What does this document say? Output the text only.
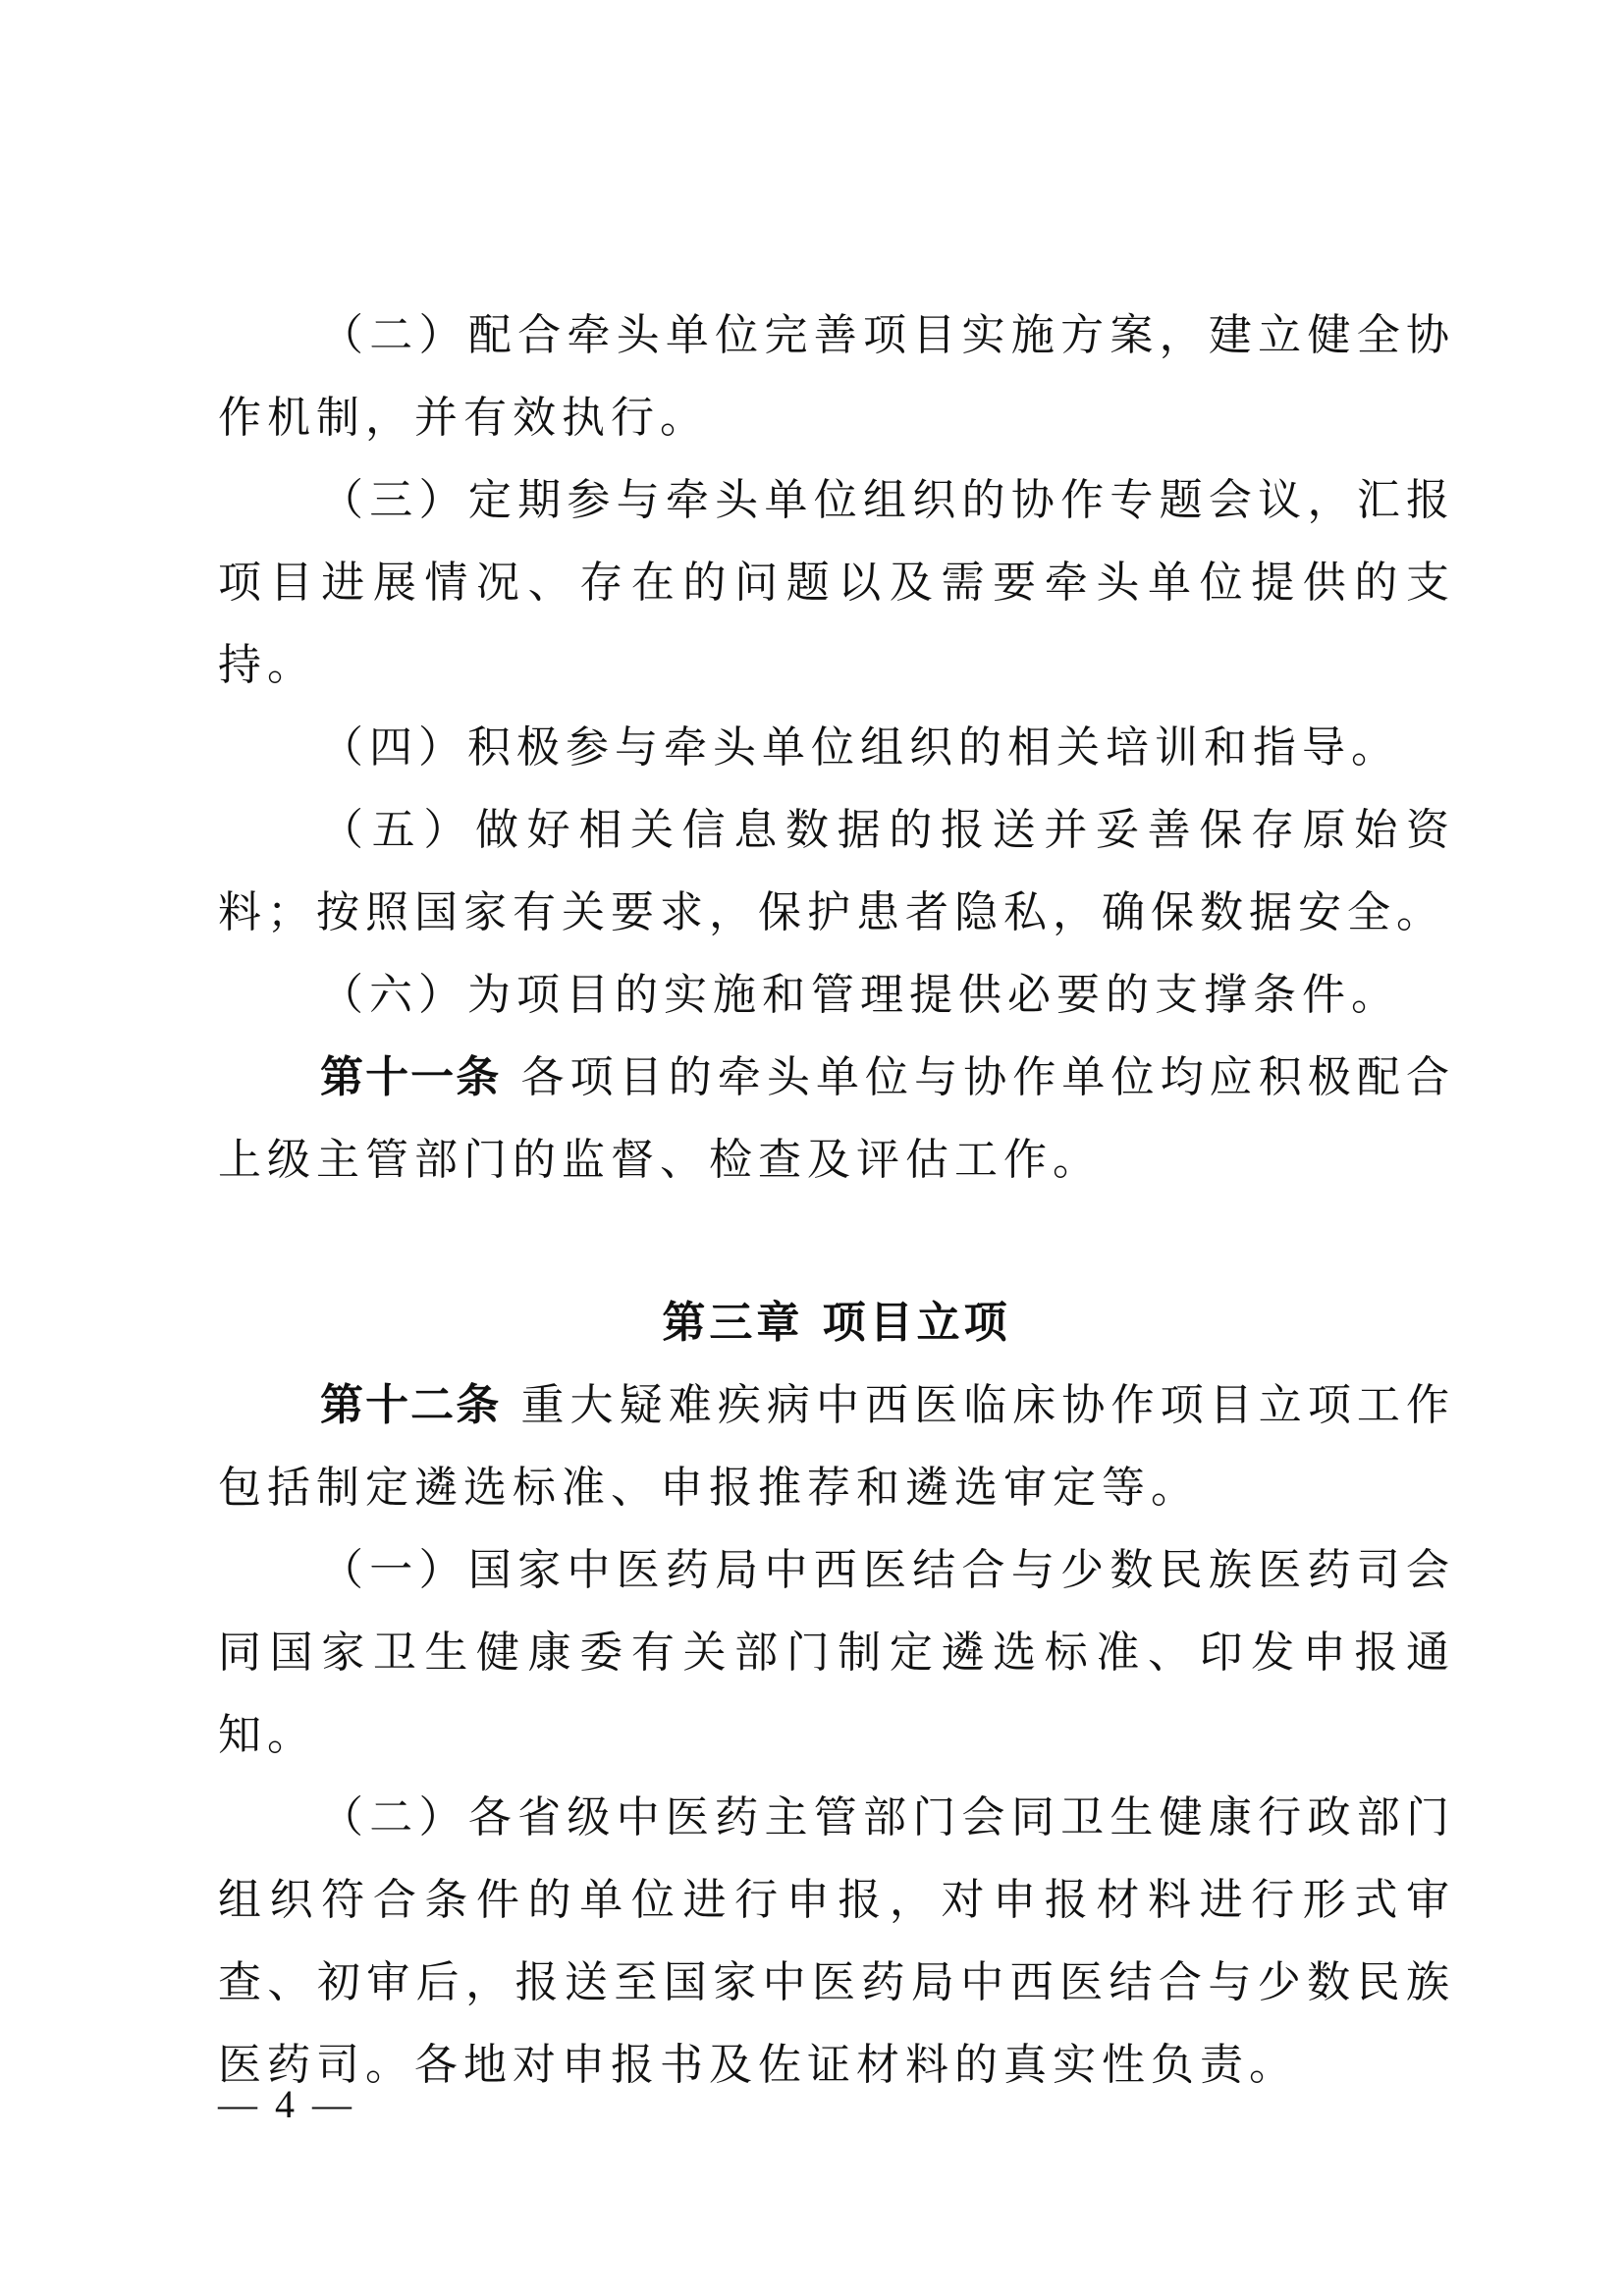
（二）配合牵头单位完善项目实施方案，建立健全协作机制，并有效执行。

（三）定期参与牵头单位组织的协作专题会议，汇报项目进展情况、存在的问题以及需要牵头单位提供的支持。

（四）积极参与牵头单位组织的相关培训和指导。

（五）做好相关信息数据的报送并妥善保存原始资料；按照国家有关要求，保护患者隐私，确保数据安全。

（六）为项目的实施和管理提供必要的支撑条件。

第十一条 各项目的牵头单位与协作单位均应积极配合上级主管部门的监督、检查及评估工作。

第三章 项目立项

第十二条 重大疑难疾病中西医临床协作项目立项工作包括制定遴选标准、申报推荐和遴选审定等。

（一）国家中医药局中西医结合与少数民族医药司会同国家卫生健康委有关部门制定遴选标准、印发申报通知。

（二）各省级中医药主管部门会同卫生健康行政部门组织符合条件的单位进行申报，对申报材料进行形式审查、初审后，报送至国家中医药局中西医结合与少数民族医药司。各地对申报书及佐证材料的真实性负责。

— 4 —
